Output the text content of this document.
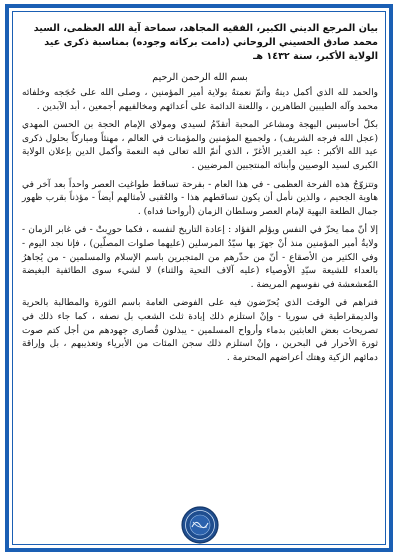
بيان المرجع الديني الكبير، الفقيه المجاهد، سماحة آية الله العظمى، السيد محمد صادق الحسيني الروحاني (دامت بركاته وجوده) بمناسبة ذكرى عيد الولاية الأكبر، سنة ١٤٣٢ هـ
بسم الله الرحمن الرحيم

والحمد لله الذي أكمل دينهُ وأتمّ نعمتهُ بولاية أمير المؤمنين ، وصلى الله على حُجَجه وخلفائه محمد وآله الطيبين الطاهرين ، واللعنة الدائمة على أعدائهم ومخالفيهم أجمعين ، أبد الآبدين .

بكلّ أحاسيس البهجة ومشاعر المحبة أتقدّمُ لسيدي ومولاي الإمام الحجة بن الحسن المهدي (عجل الله فرجه الشريف) ، ولجميع المؤمنين والمؤمنات في العالم ، مهنئاً ومباركاً بحلول ذكرى عيد الله الأكبر : عيد الغدير الأغرّ ، الذي أتمّ الله تعالى فيه النعمة وأكمل الدين بإعلان الولاية الكبرى لسيد الوصيين وأبنائه المنتجبين المرضيين .

وتتزوّجُ هذه الفرحة العظمى - في هذا العام - بفرحة تساقط طواغيت العصر واحداً بعد آخر في هاوية الجحيم ، والذين نأمل أن يكون تساقطهم هذا - والعُقبى لأمثالهم أيضاً - مؤذناً بقرب ظهور جمال الطلعة البهية لإمام العصر وسلطان الزمان (أرواحنا فداه) .

إلا أنّ مما يحزّ في النفس ويؤلم الفؤاد : إعادة التاريخ لنفسه ، فكما حورِبتْ - في غابر الزمان - ولايةُ أمير المؤمنين منذ أنْ جهرَ بها سيّدُ المرسلين (عليهما صلوات المصلّين) ، فإنا نجد اليوم - وفي الكثير من الأصقاع - أنّ من حذّرهم من المتجبرين باسم الإسلام والمسلمين - من يُجاهرُ بالعداء للشيعة سيّدِ الأوصياء (عليه آلاف التحية والثناء) لا لشيء سوى الطائفية البغيضة المُعشعشة في نفوسهم المريضة .

فنراهم في الوقت الذي يُحرّضون فيه على الفوضى العامة باسم الثورة والمطالبة بالحرية والديمقراطية في سوريا - وإنْ استلزم ذلك إبادة ثلث الشعب بل نصفه ، كما جاء ذلك في تصريحات بعض العابثين بدماء وأرواح المسلمين - يبذلون قُصارى جهودهم من أجل كتم صوت ثورة الأحرار في البحرين ، وإنْ استلزم ذلك سجن المئات من الأبرياء وتعذيبهم ، بل وإراقة دمائهم الزكية وهتك أعراضهم المحترمة .
